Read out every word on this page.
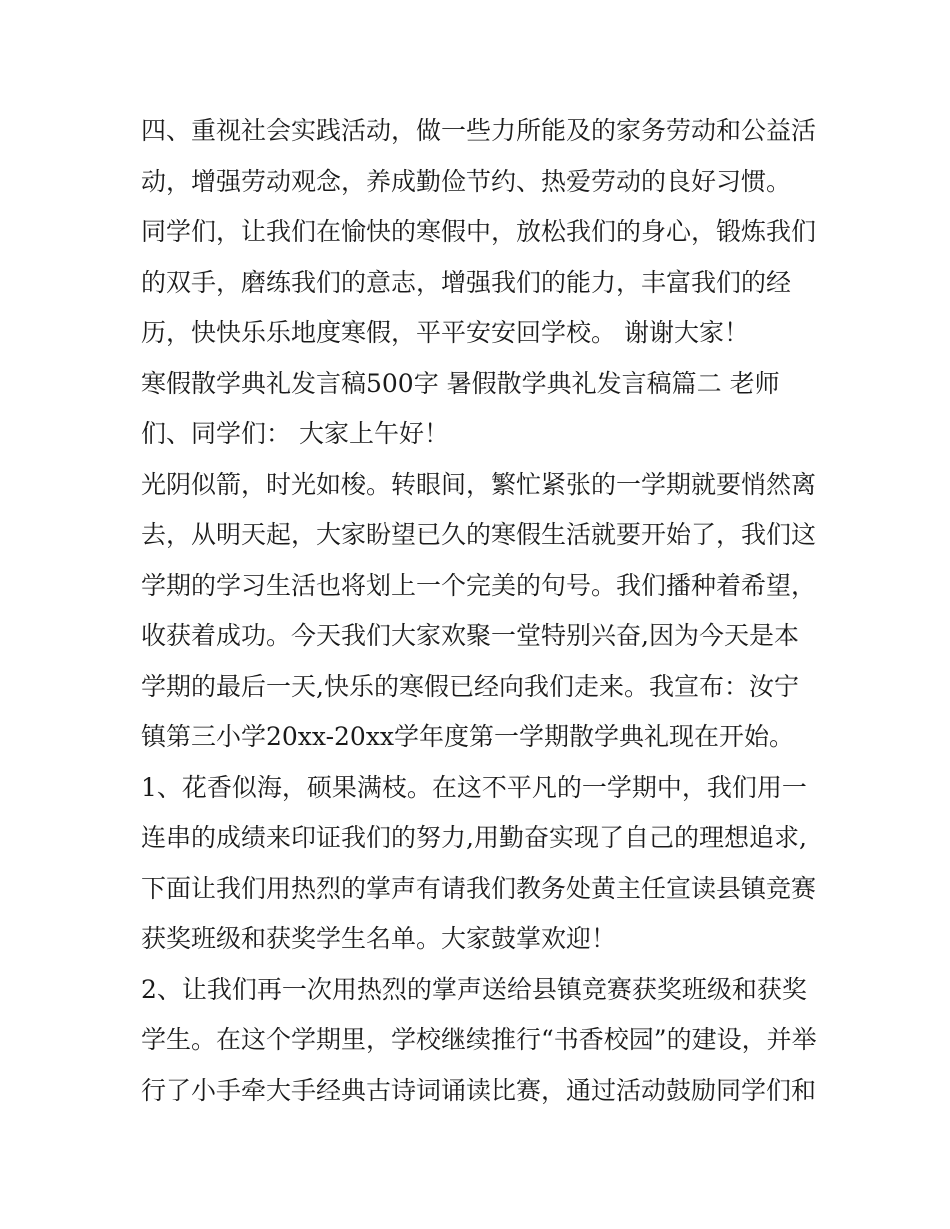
四、重视社会实践活动，做一些力所能及的家务劳动和公益活
动，增强劳动观念，养成勤俭节约、热爱劳动的良好习惯。
同学们，让我们在愉快的寒假中，放松我们的身心，锻炼我们
的双手，磨练我们的意志，增强我们的能力，丰富我们的经
历，快快乐乐地度寒假，平平安安回学校。 谢谢大家！
寒假散学典礼发言稿500字 暑假散学典礼发言稿篇二 老师
们、同学们： 大家上午好！
光阴似箭，时光如梭。转眼间，繁忙紧张的一学期就要悄然离
去，从明天起，大家盼望已久的寒假生活就要开始了，我们这
学期的学习生活也将划上一个完美的句号。我们播种着希望，
收获着成功。今天我们大家欢聚一堂特别兴奋,因为今天是本
学期的最后一天,快乐的寒假已经向我们走来。我宣布：汝宁
镇第三小学20xx-20xx学年度第一学期散学典礼现在开始。
1、花香似海，硕果满枝。在这不平凡的一学期中，我们用一
连串的成绩来印证我们的努力,用勤奋实现了自己的理想追求,
下面让我们用热烈的掌声有请我们教务处黄主任宣读县镇竞赛
获奖班级和获奖学生名单。大家鼓掌欢迎！
2、让我们再一次用热烈的掌声送给县镇竞赛获奖班级和获奖
学生。在这个学期里，学校继续推行“书香校园”的建设，并举
行了小手牵大手经典古诗词诵读比赛，通过活动鼓励同学们和
